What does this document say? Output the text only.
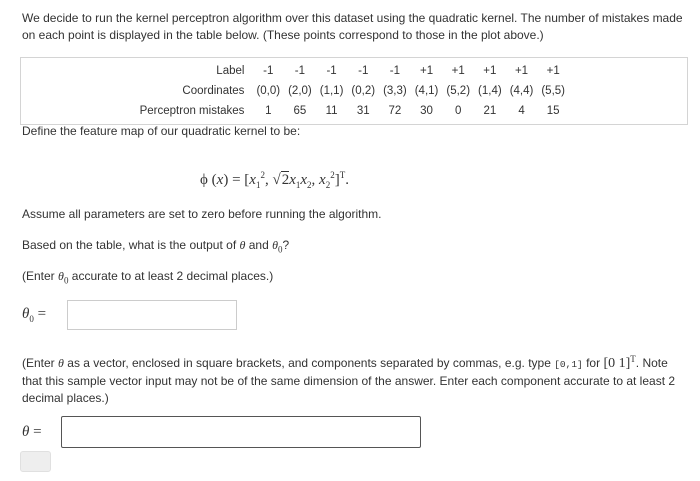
We decide to run the kernel perceptron algorithm over this dataset using the quadratic kernel. The number of mistakes made on each point is displayed in the table below. (These points correspond to those in the plot above.)
Label	-1	-1	-1	-1	-1	+1	+1	+1	+1	+1
Coordinates	(0,0)	(2,0)	(1,1)	(0,2)	(3,3)	(4,1)	(5,2)	(1,4)	(4,4)	(5,5)
Perceptron mistakes	1	65	11	31	72	30	0	21	4	15
Define the feature map of our quadratic kernel to be:
ϕ $(x) = [x_1^2$, $√2x_1x_2$, $x_2^2]^T$.
Assume all parameters are set to zero before running the algorithm.
Based on the table, what is the output of θ and $\theta_0$?
(Enter $\theta_0$ accurate to at least 2 decimal places.)
$\theta_0$ =
(Enter θ as a vector, enclosed in square brackets, and components separated by commas, e.g. type [0,1] for [0 1]$^T$. Note that this sample vector input may not be of the same dimension of the answer. Enter each component accurate to at least 2 decimal places.)
θ =
